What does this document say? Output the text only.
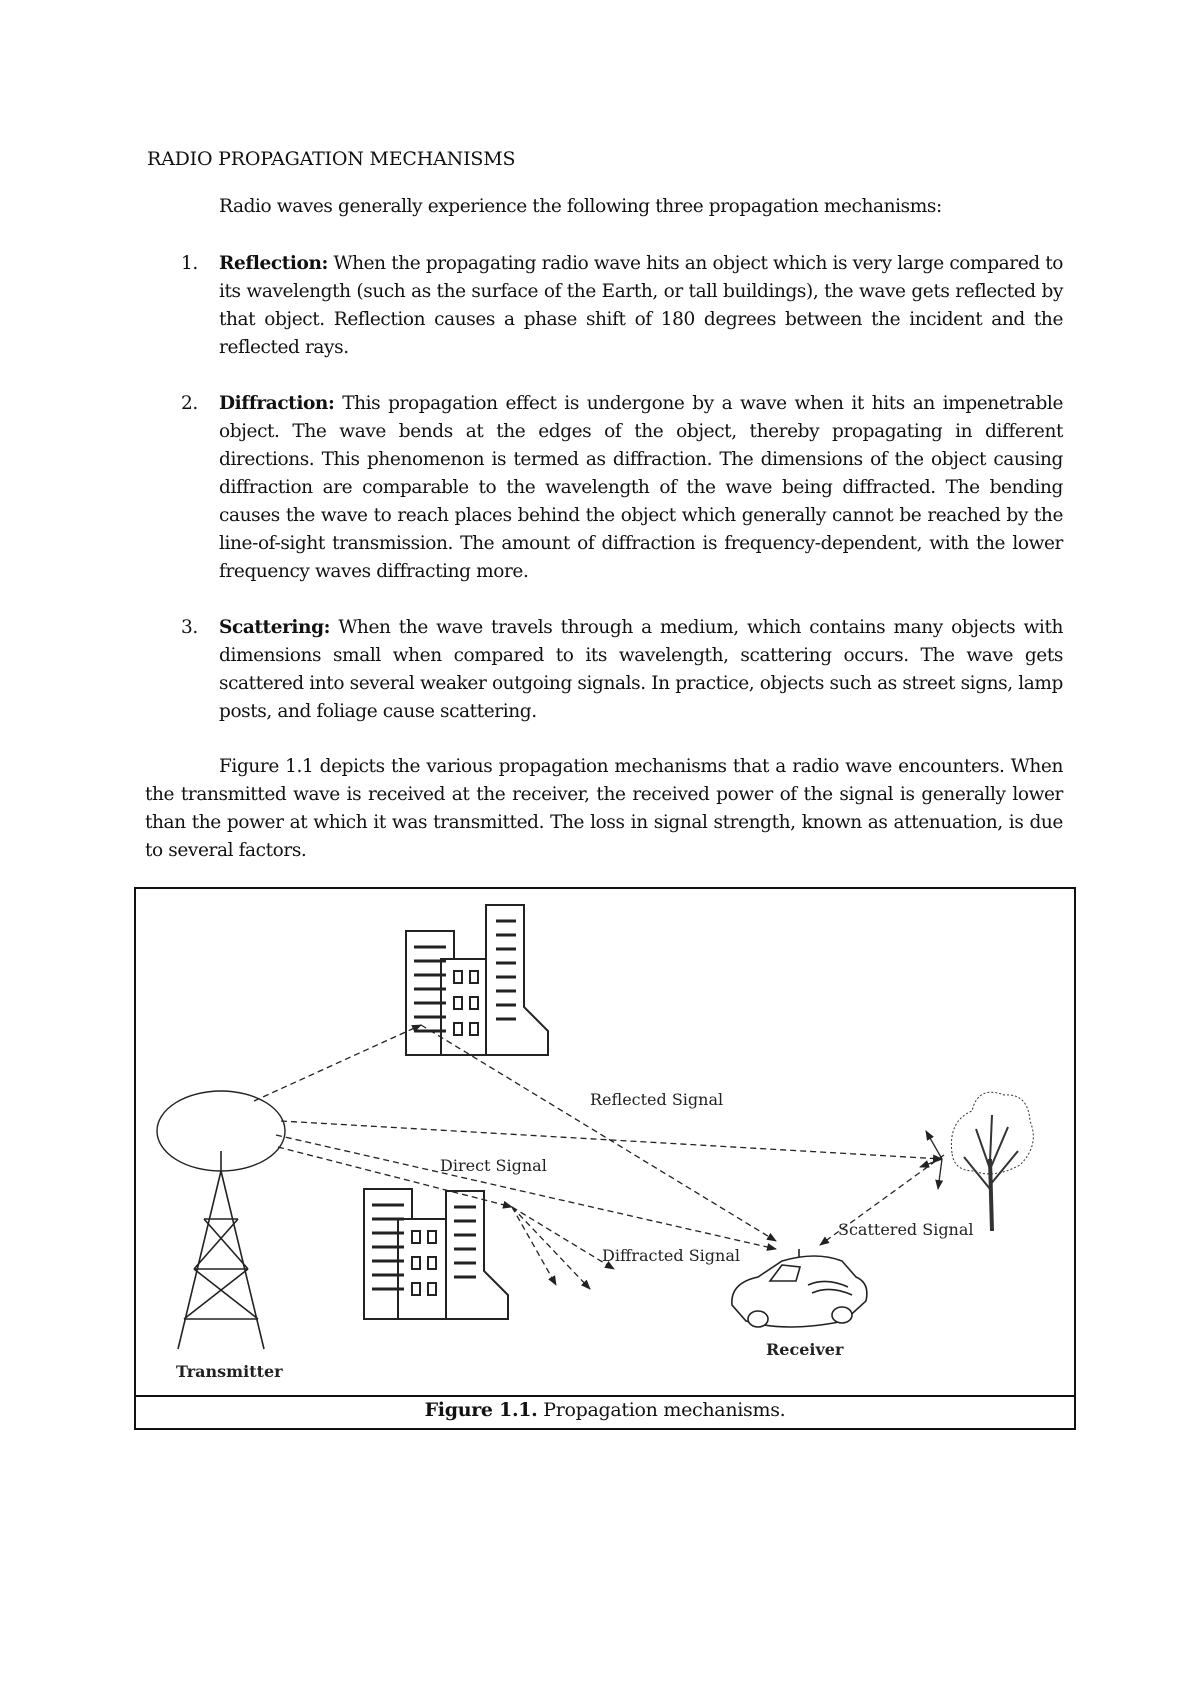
RADIO PROPAGATION MECHANISMS
Radio waves generally experience the following three propagation mechanisms:
1. Reflection: When the propagating radio wave hits an object which is very large compared to its wavelength (such as the surface of the Earth, or tall buildings), the wave gets reflected by that object. Reflection causes a phase shift of 180 degrees between the incident and the reflected rays.
2. Diffraction: This propagation effect is undergone by a wave when it hits an impenetrable object. The wave bends at the edges of the object, thereby propagating in different directions. This phenomenon is termed as diffraction. The dimensions of the object causing diffraction are comparable to the wavelength of the wave being diffracted. The bending causes the wave to reach places behind the object which generally cannot be reached by the line-of-sight transmission. The amount of diffraction is frequency-dependent, with the lower frequency waves diffracting more.
3. Scattering: When the wave travels through a medium, which contains many objects with dimensions small when compared to its wavelength, scattering occurs. The wave gets scattered into several weaker outgoing signals. In practice, objects such as street signs, lamp posts, and foliage cause scattering.
Figure 1.1 depicts the various propagation mechanisms that a radio wave encounters. When the transmitted wave is received at the receiver, the received power of the signal is generally lower than the power at which it was transmitted. The loss in signal strength, known as attenuation, is due to several factors.
Reflected Signal
Direct Signal
Diffracted Signal
Scattered Signal
Receiver
Transmitter
Figure 1.1. Propagation mechanisms.
